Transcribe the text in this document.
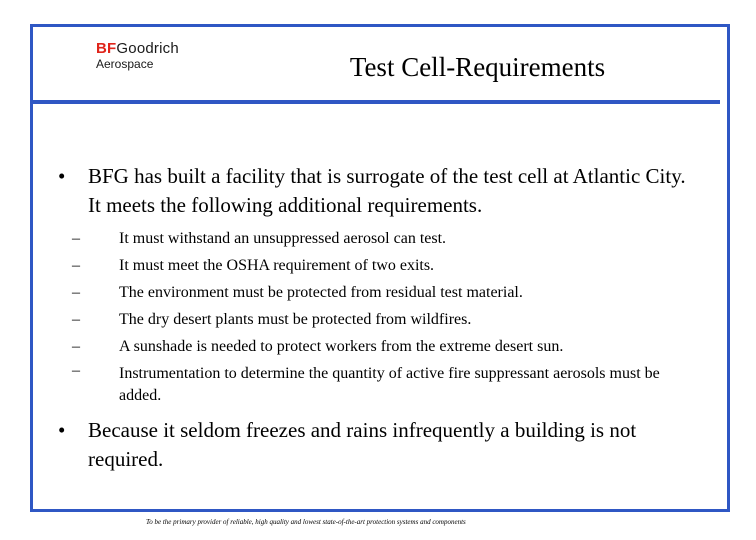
BFGoodrich
Aerospace	Test Cell-Requirements
• BFG has built a facility that is surrogate of the test cell at Atlantic City. It meets the following additional requirements.
– It must withstand an unsuppressed aerosol can test.
– It must meet the OSHA requirement of two exits.
– The environment must be protected from residual test material.
– The dry desert plants must be protected from wildfires.
– A sunshade is needed to protect workers from the extreme desert sun.
– Instrumentation to determine the quantity of active fire suppressant aerosols must be added.
• Because it seldom freezes and rains infrequently a building is not required.
To be the primary provider of reliable, high quality and lowest state-of-the-art protection systems and components
